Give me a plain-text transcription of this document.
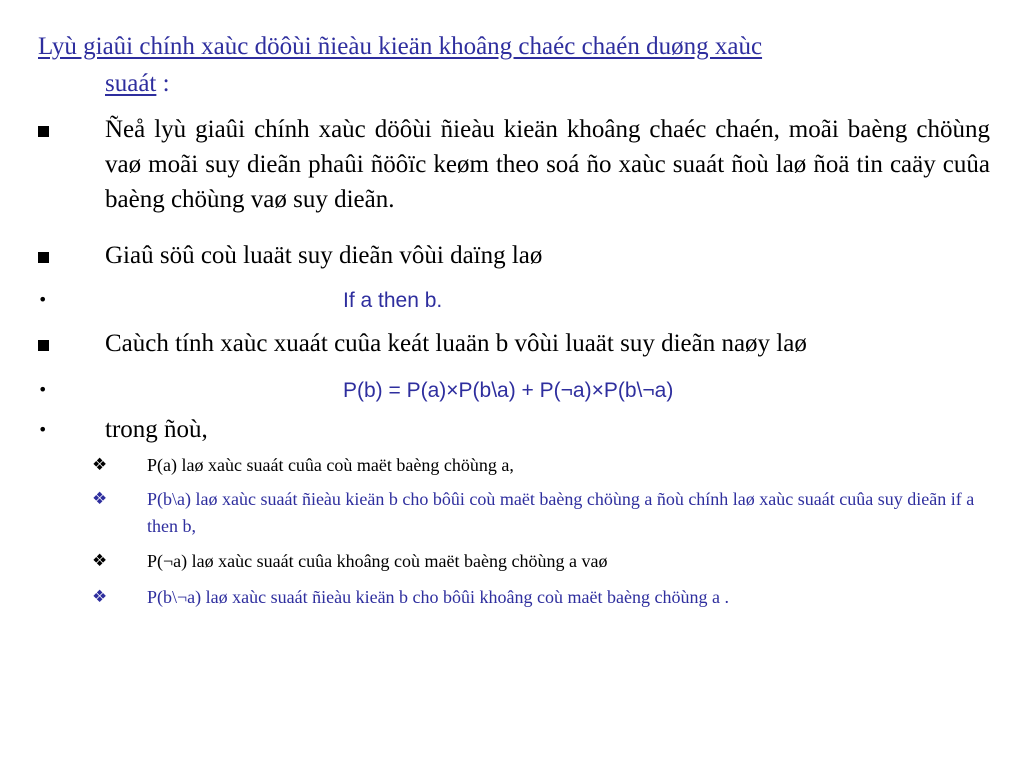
Lyù giaûi chính xaùc döôùi ñieàu kieän khoâng chaéc chaén duøng xaùc
suaát :
Ñeå lyù giaûi chính xaùc döôùi ñieàu kieän khoâng chaéc chaén, moãi baèng chöùng vaø moãi suy dieãn phaûi ñöôïc keøm theo soá ño xaùc suaát ñoù laø ñoä tin caäy cuûa baèng chöùng vaø suy dieãn.
Giaû söû coù luaät suy dieãn vôùi daïng laø
•	If a then b.
Caùch tính xaùc xuaát cuûa keát luaän b vôùi luaät suy dieãn naøy laø
•	P(b) = P(a)×P(b\a) + P(¬a)×P(b\¬a)
• trong ñoù,
❖ P(a) laø xaùc suaát cuûa coù maët baèng chöùng a,
❖ P(b\a) laø xaùc suaát ñieàu kieän b cho bôûi coù maët baèng chöùng a ñoù chính laø xaùc suaát cuûa suy dieãn if a then b,
❖ P(¬a) laø xaùc suaát cuûa khoâng coù maët baèng chöùng a vaø
❖ P(b\¬a) laø xaùc suaát ñieàu kieän b cho bôûi khoâng coù maët baèng chöùng a .
